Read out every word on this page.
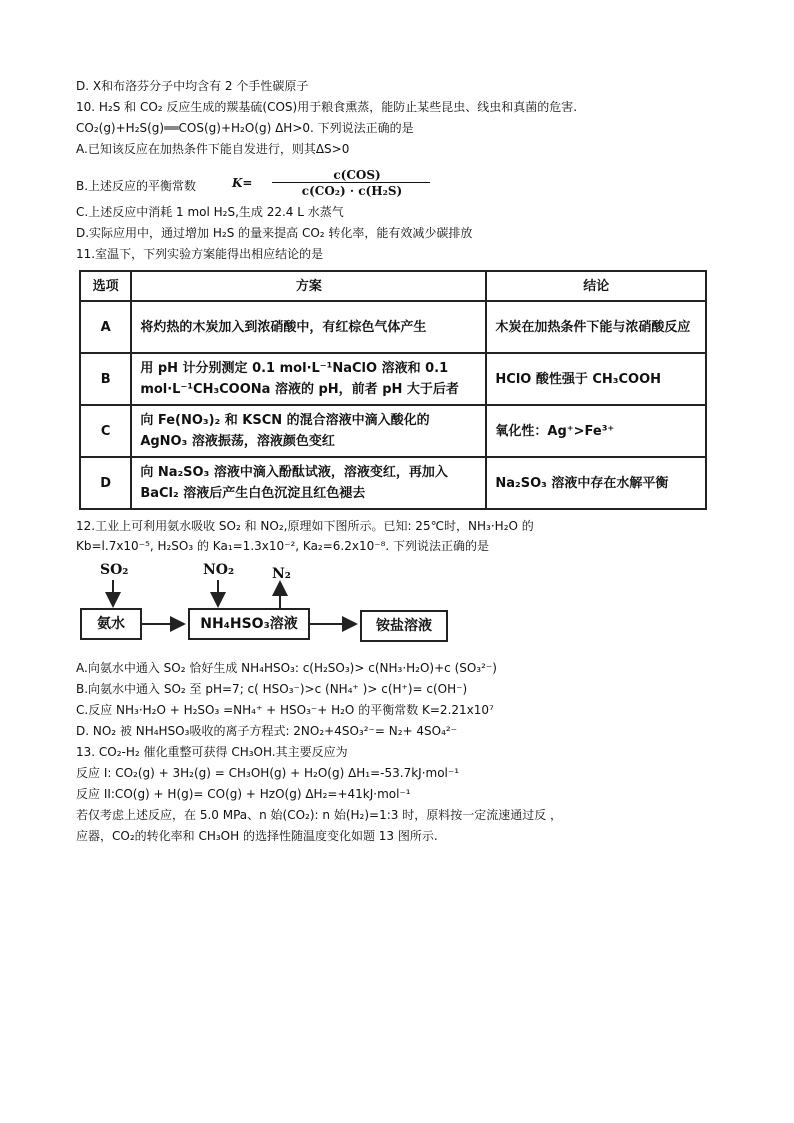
D. X和布洛芬分子中均含有 2 个手性碳原子
10. H₂S 和 CO₂ 反应生成的羰基硫(COS)用于粮食熏蒸，能防止某些昆虫、线虫和真菌的危害.
CO₂(g)+H₂S(g)══COS(g)+H₂O(g) ΔH>0. 下列说法正确的是
A.已知该反应在加热条件下能自发进行，则其ΔS>0
B.上述反应的平衡常数	K=
c(COS)
c(CO₂) · c(H₂S)
C.上述反应中消耗 1 mol H₂S,生成 22.4 L 水蒸气
D.实际应用中，通过增加 H₂S 的量来提高 CO₂ 转化率，能有效减少碳排放
11.室温下，下列实验方案能得出相应结论的是
选项	方案	结论
A	将灼热的木炭加入到浓硝酸中，有红棕色气体产生	木炭在加热条件下能与浓硝酸反应
B	用 pH 计分别测定 0.1 mol·L⁻¹NaClO 溶液和 0.1 mol·L⁻¹CH₃COONa 溶液的 pH，前者 pH 大于后者	HClO 酸性强于 CH₃COOH
C	向 Fe(NO₃)₂ 和 KSCN 的混合溶液中滴入酸化的 AgNO₃ 溶液振荡，溶液颜色变红	氧化性：Ag⁺>Fe³⁺
D	向 Na₂SO₃ 溶液中滴入酚酞试液，溶液变红，再加入 BaCl₂ 溶液后产生白色沉淀且红色褪去	Na₂SO₃ 溶液中存在水解平衡
12.工业上可利用氨水吸收 SO₂ 和 NO₂,原理如下图所示。已知: 25℃时，NH₃·H₂O 的
Kb=l.7x10⁻⁵, H₂SO₃ 的 Ka₁=1.3x10⁻², Ka₂=6.2x10⁻⁸. 下列说法正确的是
SO₂	NO₂	N₂
氨水	NH₄HSO₃溶液	铵盐溶液
A.向氨水中通入 SO₂ 恰好生成 NH₄HSO₃: c(H₂SO₃)> c(NH₃·H₂O)+c (SO₃²⁻)
B.向氨水中通入 SO₂ 至 pH=7; c( HSO₃⁻)>c (NH₄⁺ )> c(H⁺)= c(OH⁻)
C.反应 NH₃·H₂O + H₂SO₃ =NH₄⁺ + HSO₃⁻+ H₂O 的平衡常数 K=2.21x10⁷
D. NO₂ 被 NH₄HSO₃吸收的离子方程式: 2NO₂+4SO₃²⁻= N₂+ 4SO₄²⁻
13. CO₂-H₂ 催化重整可获得 CH₃OH.其主要反应为
反应 I: CO₂(g) + 3H₂(g) = CH₃OH(g) + H₂O(g) ΔH₁=-53.7kJ·mol⁻¹
反应 II:CO(g) + H(g)= CO(g) + HzO(g) ΔH₂=+41kJ·mol⁻¹
若仅考虑上述反应，在 5.0 MPa、n 始(CO₂): n 始(H₂)=1:3 时，原料按一定流速通过反 ，
应器，CO₂的转化率和 CH₃OH 的选择性随温度变化如题 13 图所示.
